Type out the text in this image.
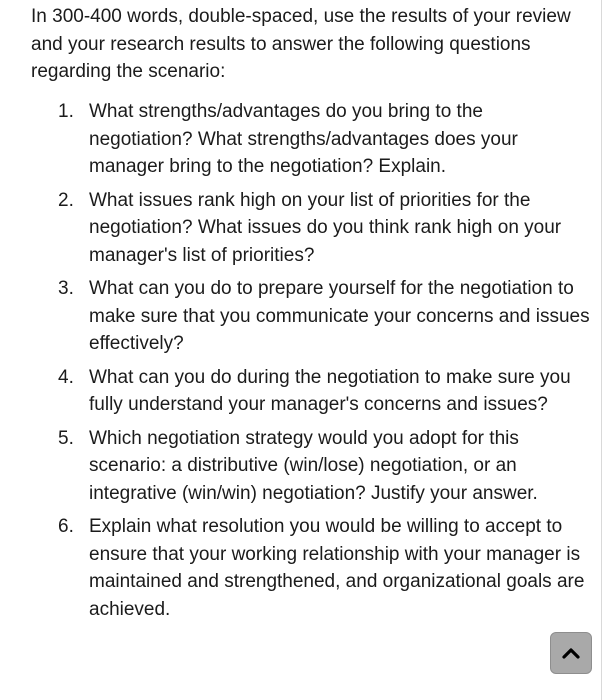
In 300-400 words, double-spaced, use the results of your review and your research results to answer the following questions regarding the scenario:

1. What strengths/advantages do you bring to the negotiation? What strengths/advantages does your manager bring to the negotiation? Explain.
2. What issues rank high on your list of priorities for the negotiation? What issues do you think rank high on your manager's list of priorities?
3. What can you do to prepare yourself for the negotiation to make sure that you communicate your concerns and issues effectively?
4. What can you do during the negotiation to make sure you fully understand your manager's concerns and issues?
5. Which negotiation strategy would you adopt for this scenario: a distributive (win/lose) negotiation, or an integrative (win/win) negotiation? Justify your answer.
6. Explain what resolution you would be willing to accept to ensure that your working relationship with your manager is maintained and strengthened, and organizational goals are achieved.
